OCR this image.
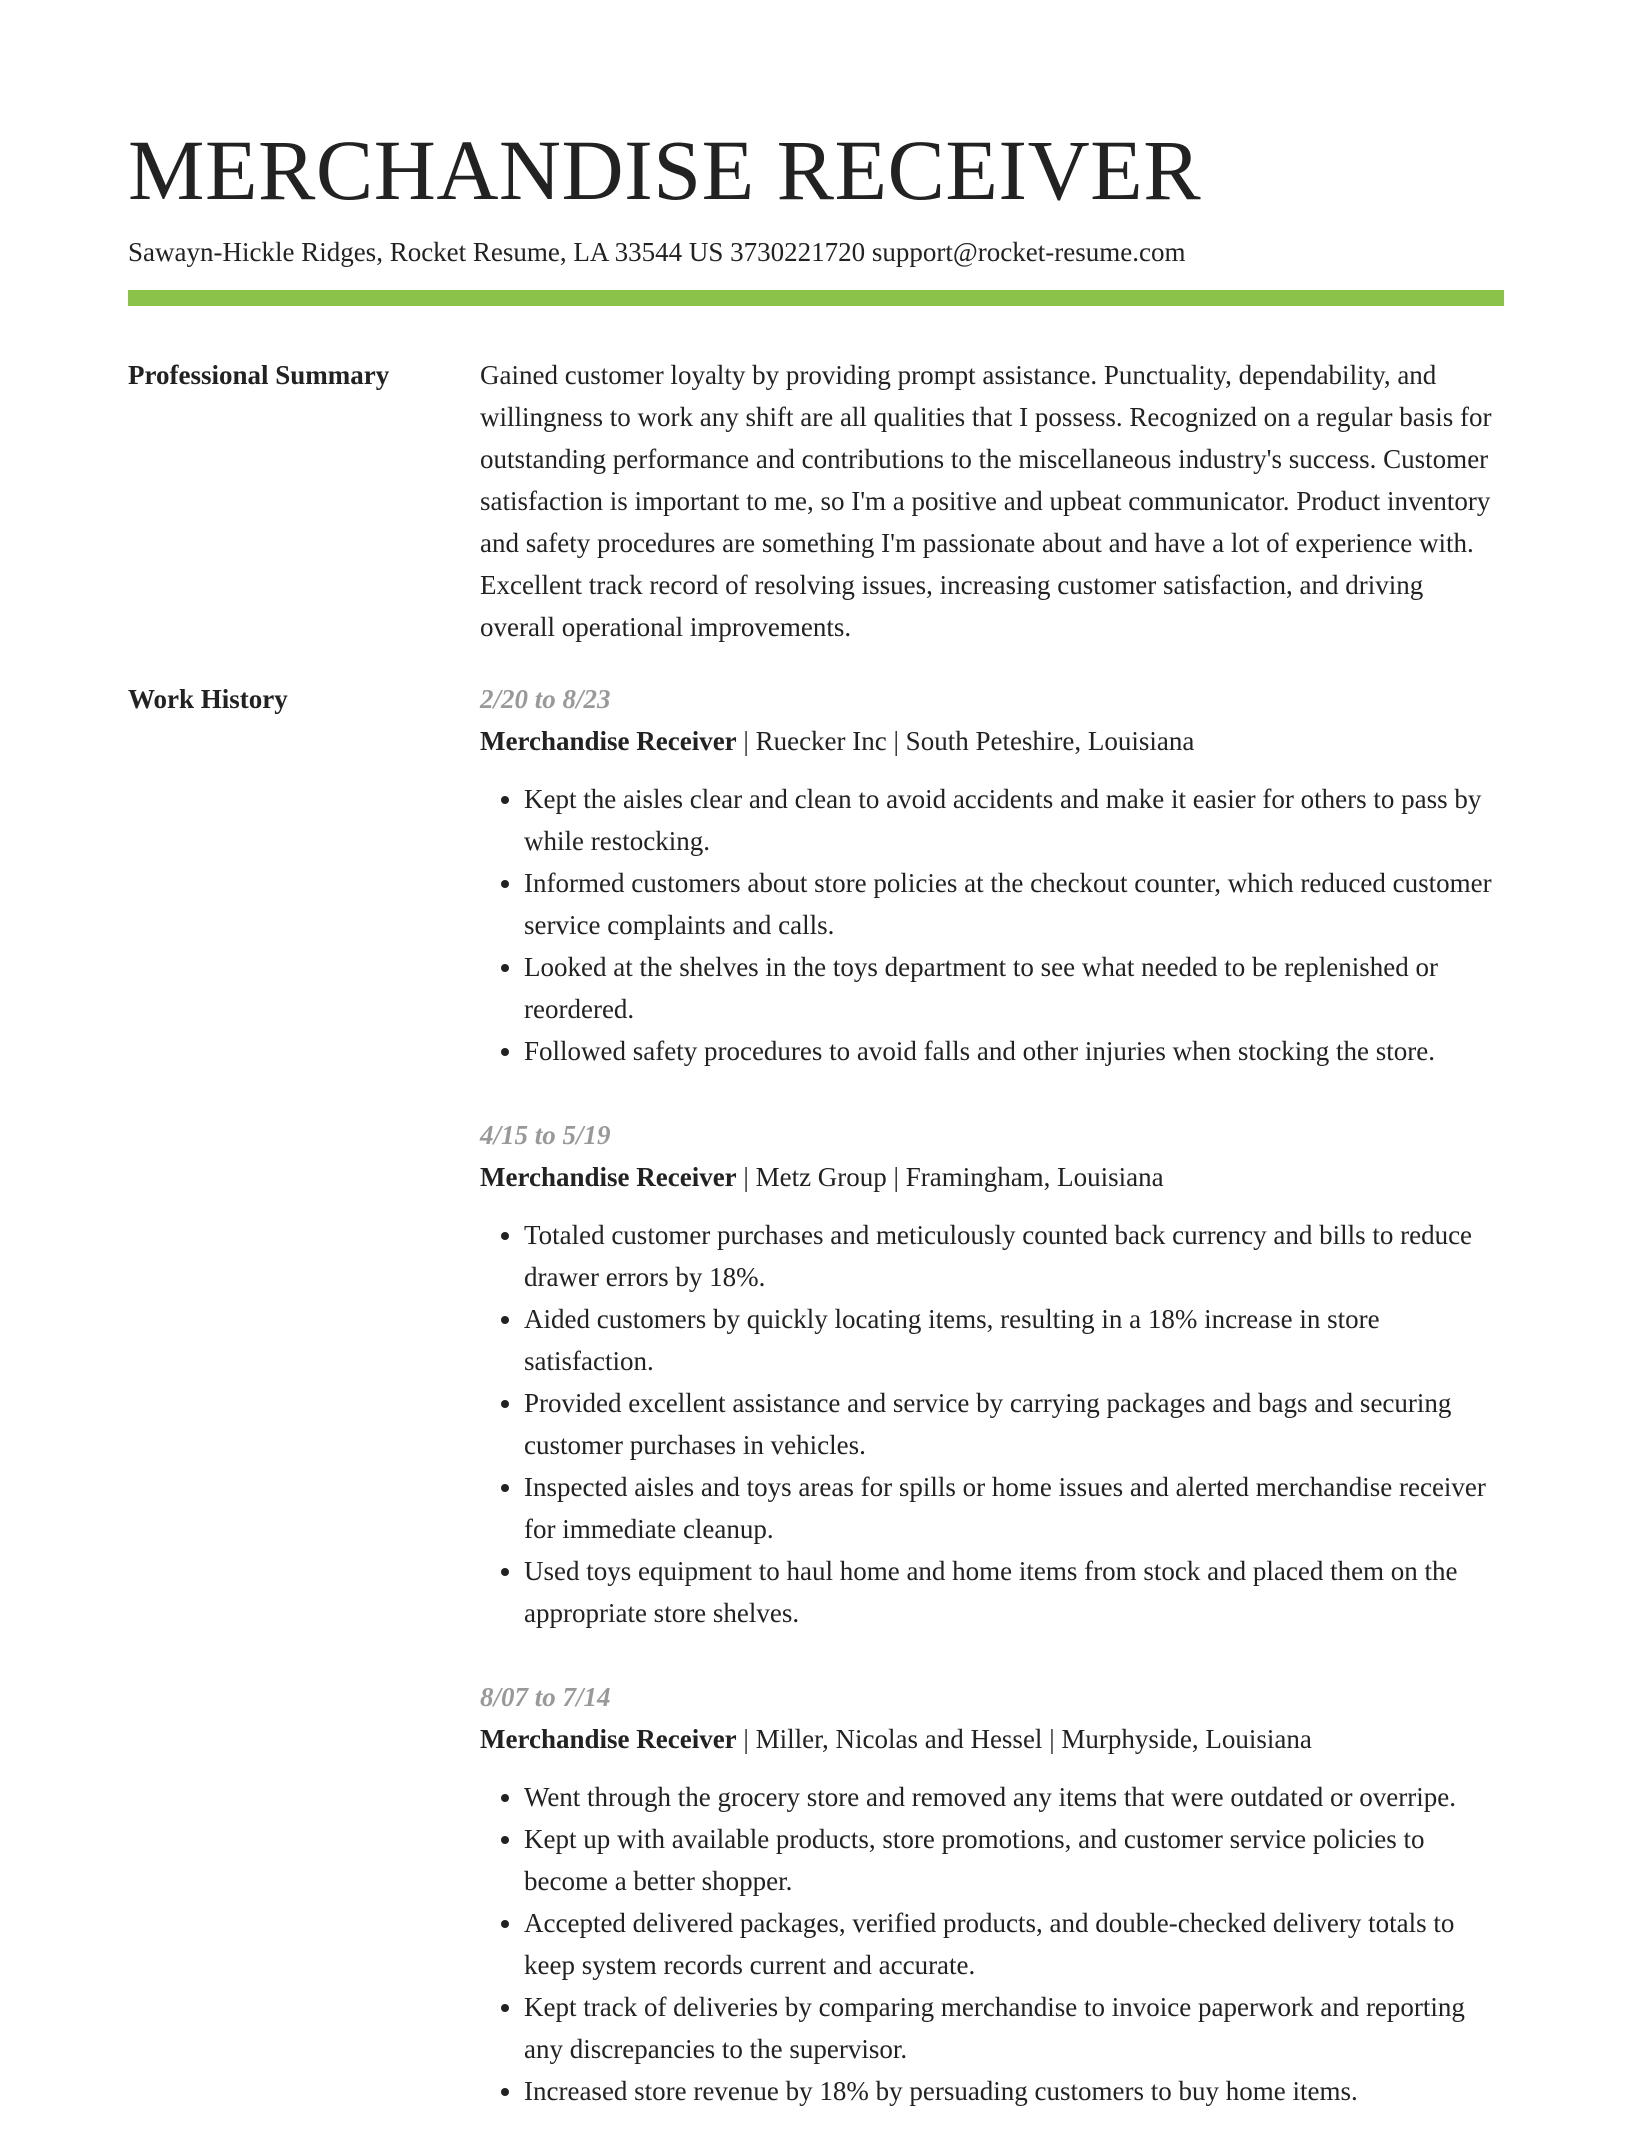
MERCHANDISE RECEIVER
Sawayn-Hickle Ridges, Rocket Resume, LA 33544 US 3730221720 support@rocket-resume.com
Professional Summary	Gained customer loyalty by providing prompt assistance. Punctuality, dependability, and willingness to work any shift are all qualities that I possess. Recognized on a regular basis for outstanding performance and contributions to the miscellaneous industry's success. Customer satisfaction is important to me, so I'm a positive and upbeat communicator. Product inventory and safety procedures are something I'm passionate about and have a lot of experience with. Excellent track record of resolving issues, increasing customer satisfaction, and driving overall operational improvements.

Work History	2/20 to 8/23
Merchandise Receiver | Ruecker Inc | South Peteshire, Louisiana
• Kept the aisles clear and clean to avoid accidents and make it easier for others to pass by while restocking.
• Informed customers about store policies at the checkout counter, which reduced customer service complaints and calls.
• Looked at the shelves in the toys department to see what needed to be replenished or reordered.
• Followed safety procedures to avoid falls and other injuries when stocking the store.
4/15 to 5/19
Merchandise Receiver | Metz Group | Framingham, Louisiana
• Totaled customer purchases and meticulously counted back currency and bills to reduce drawer errors by 18%.
• Aided customers by quickly locating items, resulting in a 18% increase in store satisfaction.
• Provided excellent assistance and service by carrying packages and bags and securing customer purchases in vehicles.
• Inspected aisles and toys areas for spills or home issues and alerted merchandise receiver for immediate cleanup.
• Used toys equipment to haul home and home items from stock and placed them on the appropriate store shelves.
8/07 to 7/14
Merchandise Receiver | Miller, Nicolas and Hessel | Murphyside, Louisiana
• Went through the grocery store and removed any items that were outdated or overripe.
• Kept up with available products, store promotions, and customer service policies to become a better shopper.
• Accepted delivered packages, verified products, and double-checked delivery totals to keep system records current and accurate.
• Kept track of deliveries by comparing merchandise to invoice paperwork and reporting any discrepancies to the supervisor.
• Increased store revenue by 18% by persuading customers to buy home items.
